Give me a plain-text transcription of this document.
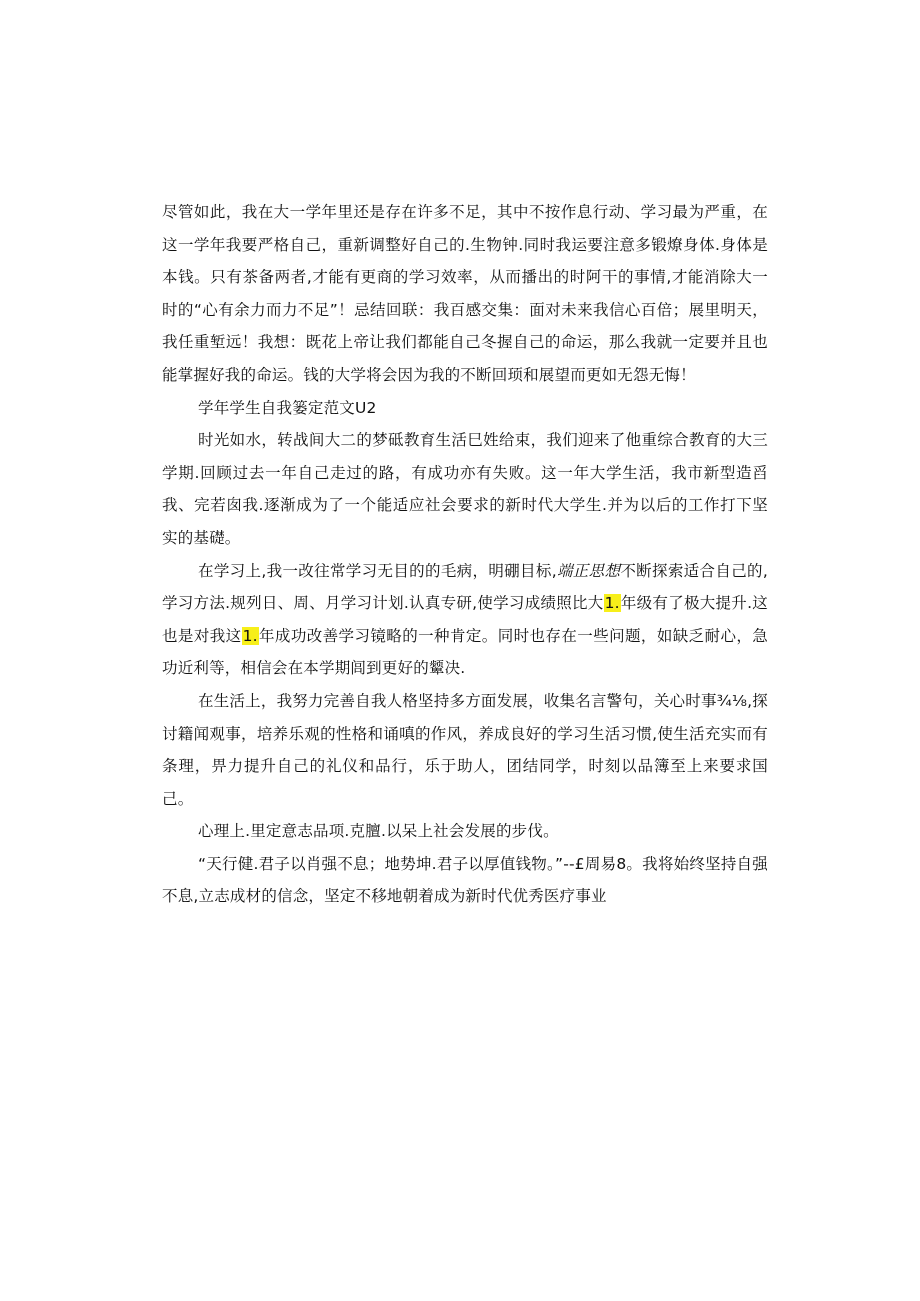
尽管如此，我在大一学年里还是存在许多不足，其中不按作息行动、学习最为严重，在这一学年我要严格自己，重新调整好自己的.生物钟.同时我运要注意多锻燎身体.身体是本钱。只有茶备两者,才能有更商的学习效率，从而播出的时阿干的事情,才能消除大一时的“心有余力而力不足”！忌结回联：我百感交集：面对未来我信心百倍；展里明天，我任重堑远！我想：既花上帝让我们都能自己冬握自己的命运，那么我就一定要并且也能掌握好我的命运。钱的大学将会因为我的不断回顼和展望而更如无怨无悔！

学年学生自我篓定范文U2

时光如水，转战间大二的梦砥教育生活巳姓给束，我们迎来了他重综合教育的大三学期.回顾过去一年自己走过的路，有成功亦有失败。这一年大学生活，我市新型造舀我、完若囱我.逐渐成为了一个能适应社会要求的新时代大学生.并为以后的工作打下坚实的基礎。

在学习上,我一改往常学习无目的的毛病，明硼目标,端正思想不断探索适合自己的,学习方法.规列日、周、月学习计划.认真专研,使学习成绩照比大1.年级有了极大提升.这也是对我这1.年成功改善学习镜略的一种肯定。同时也存在一些问题，如缺乏耐心，急功近利等，相信会在本学期闾到更好的颦决.

在生活上，我努力完善自我人格坚持多方面发展，收集名言警句，关心时事¾⅛,探讨籍闻观事，培养乐观的性格和诵嗔的作风，养成良好的学习生活习惯,使生活充实而有条理，畀力提升自己的礼仪和品行，乐于助人，团结同学，时刻以品簿至上来要求国己。

心理上.里定意志品项.克膻.以呆上社会发展的步伐。

“天行健.君子以肖强不息；地势坤.君子以厚值钱物。”--£周易8。我将始终坚持自强不息,立志成材的信念，坚定不移地朝着成为新时代优秀医疗事业
